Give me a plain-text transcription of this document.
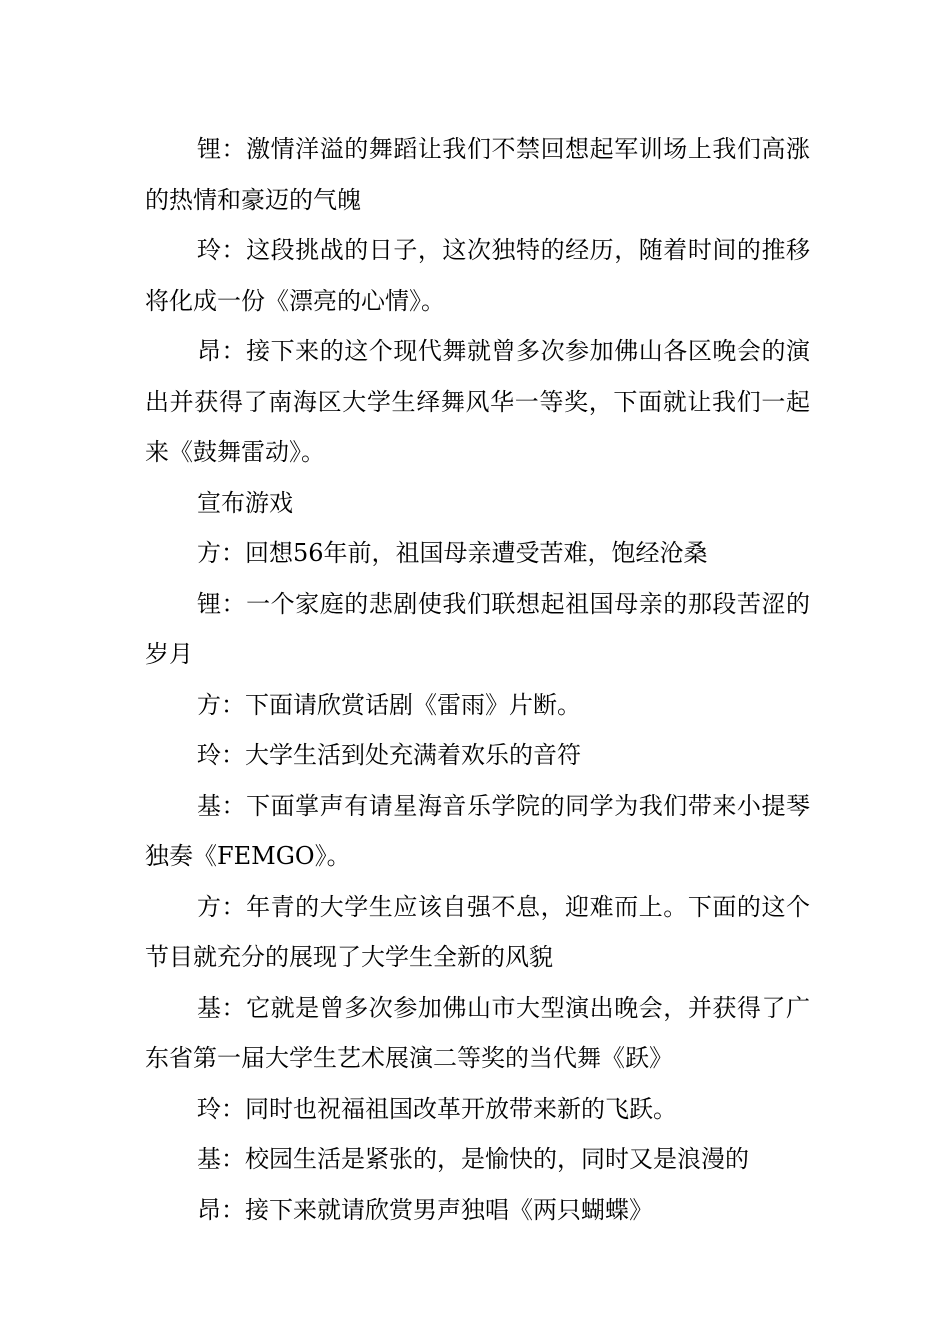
锂：激情洋溢的舞蹈让我们不禁回想起军训场上我们高涨的热情和豪迈的气魄

玲：这段挑战的日子，这次独特的经历，随着时间的推移将化成一份《漂亮的心情》。

昂：接下来的这个现代舞就曾多次参加佛山各区晚会的演出并获得了南海区大学生绎舞风华一等奖，下面就让我们一起来《鼓舞雷动》。

宣布游戏

方：回想56年前，祖国母亲遭受苦难，饱经沧桑

锂：一个家庭的悲剧使我们联想起祖国母亲的那段苦涩的岁月

方：下面请欣赏话剧《雷雨》片断。

玲：大学生活到处充满着欢乐的音符

基：下面掌声有请星海音乐学院的同学为我们带来小提琴独奏《FEMGO》。

方：年青的大学生应该自强不息，迎难而上。下面的这个节目就充分的展现了大学生全新的风貌

基：它就是曾多次参加佛山市大型演出晚会，并获得了广东省第一届大学生艺术展演二等奖的当代舞《跃》

玲：同时也祝福祖国改革开放带来新的飞跃。

基：校园生活是紧张的，是愉快的，同时又是浪漫的

昂：接下来就请欣赏男声独唱《两只蝴蝶》
